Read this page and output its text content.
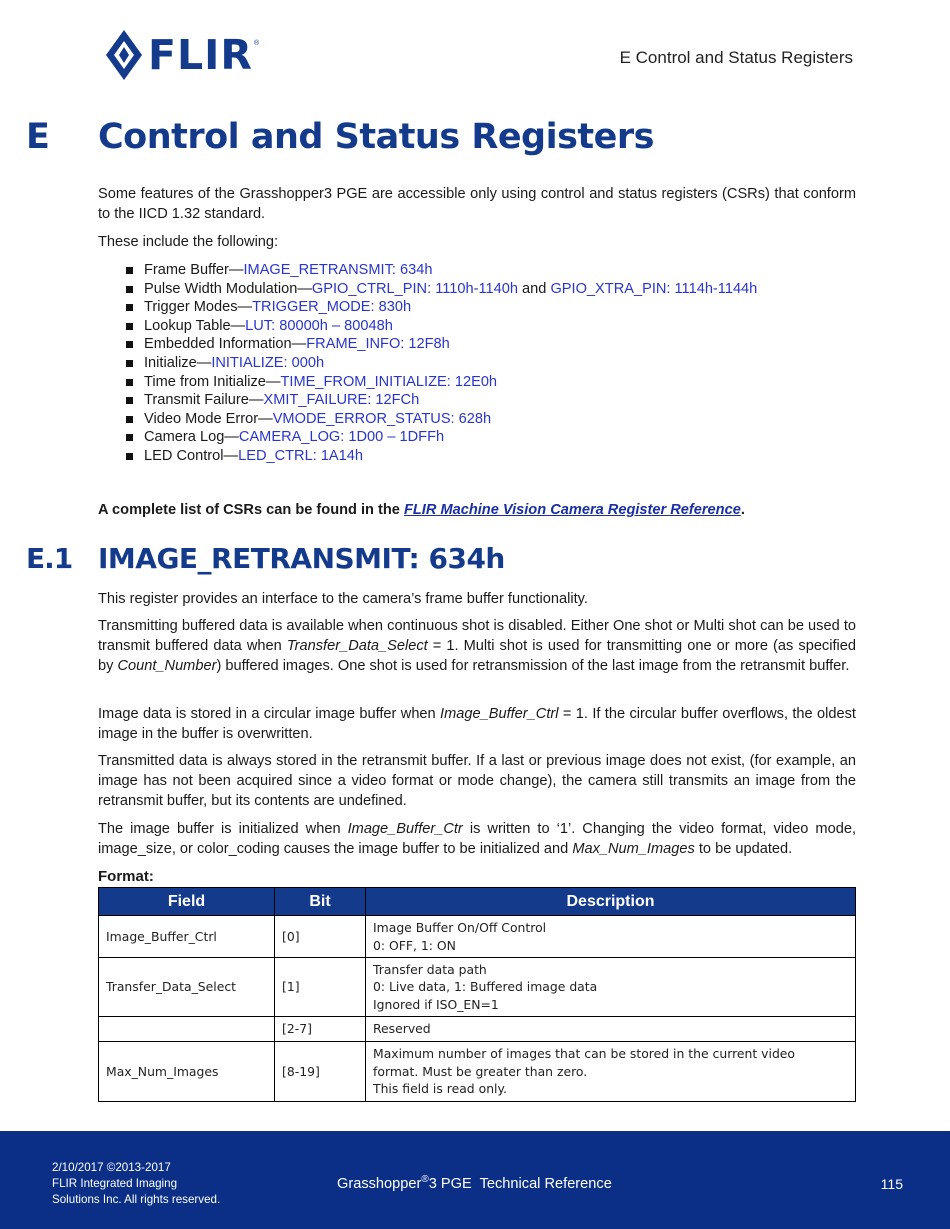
FLIR ®
E Control and Status Registers
E Control and Status Registers

Some features of the Grasshopper3 PGE are accessible only using control and status registers (CSRs) that conform to the IICD 1.32 standard.

These include the following:

Frame Buffer—IMAGE_RETRANSMIT: 634h
Pulse Width Modulation—GPIO_CTRL_PIN: 1110h-1140h and GPIO_XTRA_PIN: 1114h-1144h
Trigger Modes—TRIGGER_MODE: 830h
Lookup Table—LUT: 80000h – 80048h
Embedded Information—FRAME_INFO: 12F8h
Initialize—INITIALIZE: 000h
Time from Initialize—TIME_FROM_INITIALIZE: 12E0h
Transmit Failure—XMIT_FAILURE: 12FCh
Video Mode Error—VMODE_ERROR_STATUS: 628h
Camera Log—CAMERA_LOG: 1D00 – 1DFFh
LED Control—LED_CTRL: 1A14h
A complete list of CSRs can be found in the FLIR Machine Vision Camera Register Reference.
E.1 IMAGE_RETRANSMIT: 634h

This register provides an interface to the camera’s frame buffer functionality.

Transmitting buffered data is available when continuous shot is disabled. Either One shot or Multi shot can be used to transmit buffered data when Transfer_Data_Select = 1. Multi shot is used for transmitting one or more (as specified by Count_Number) buffered images. One shot is used for retransmission of the last image from the retransmit buffer.

Image data is stored in a circular image buffer when Image_Buffer_Ctrl = 1. If the circular buffer overflows, the oldest image in the buffer is overwritten.

Transmitted data is always stored in the retransmit buffer. If a last or previous image does not exist, (for example, an image has not been acquired since a video format or mode change), the camera still transmits an image from the retransmit buffer, but its contents are undefined.

The image buffer is initialized when Image_Buffer_Ctr is written to ‘1’. Changing the video format, video mode, image_size, or color_coding causes the image buffer to be initialized and Max_Num_Images to be updated.

Format:
Field	Bit	Description
Image_Buffer_Ctrl	[0]	Image Buffer On/Off Control
0: OFF, 1: ON

Transfer_Data_Select	[1]	Transfer data path
0: Live data, 1: Buffered image data
Ignored if ISO_EN=1

	[2-7]	Reserved

Max_Num_Images	[8-19]	Maximum number of images that can be stored in the current video
format. Must be greater than zero.
This field is read only.
2/10/2017 ©2013-2017
FLIR Integrated Imaging
Solutions Inc. All rights reserved.
Grasshopper®3 PGE  Technical Reference	115
